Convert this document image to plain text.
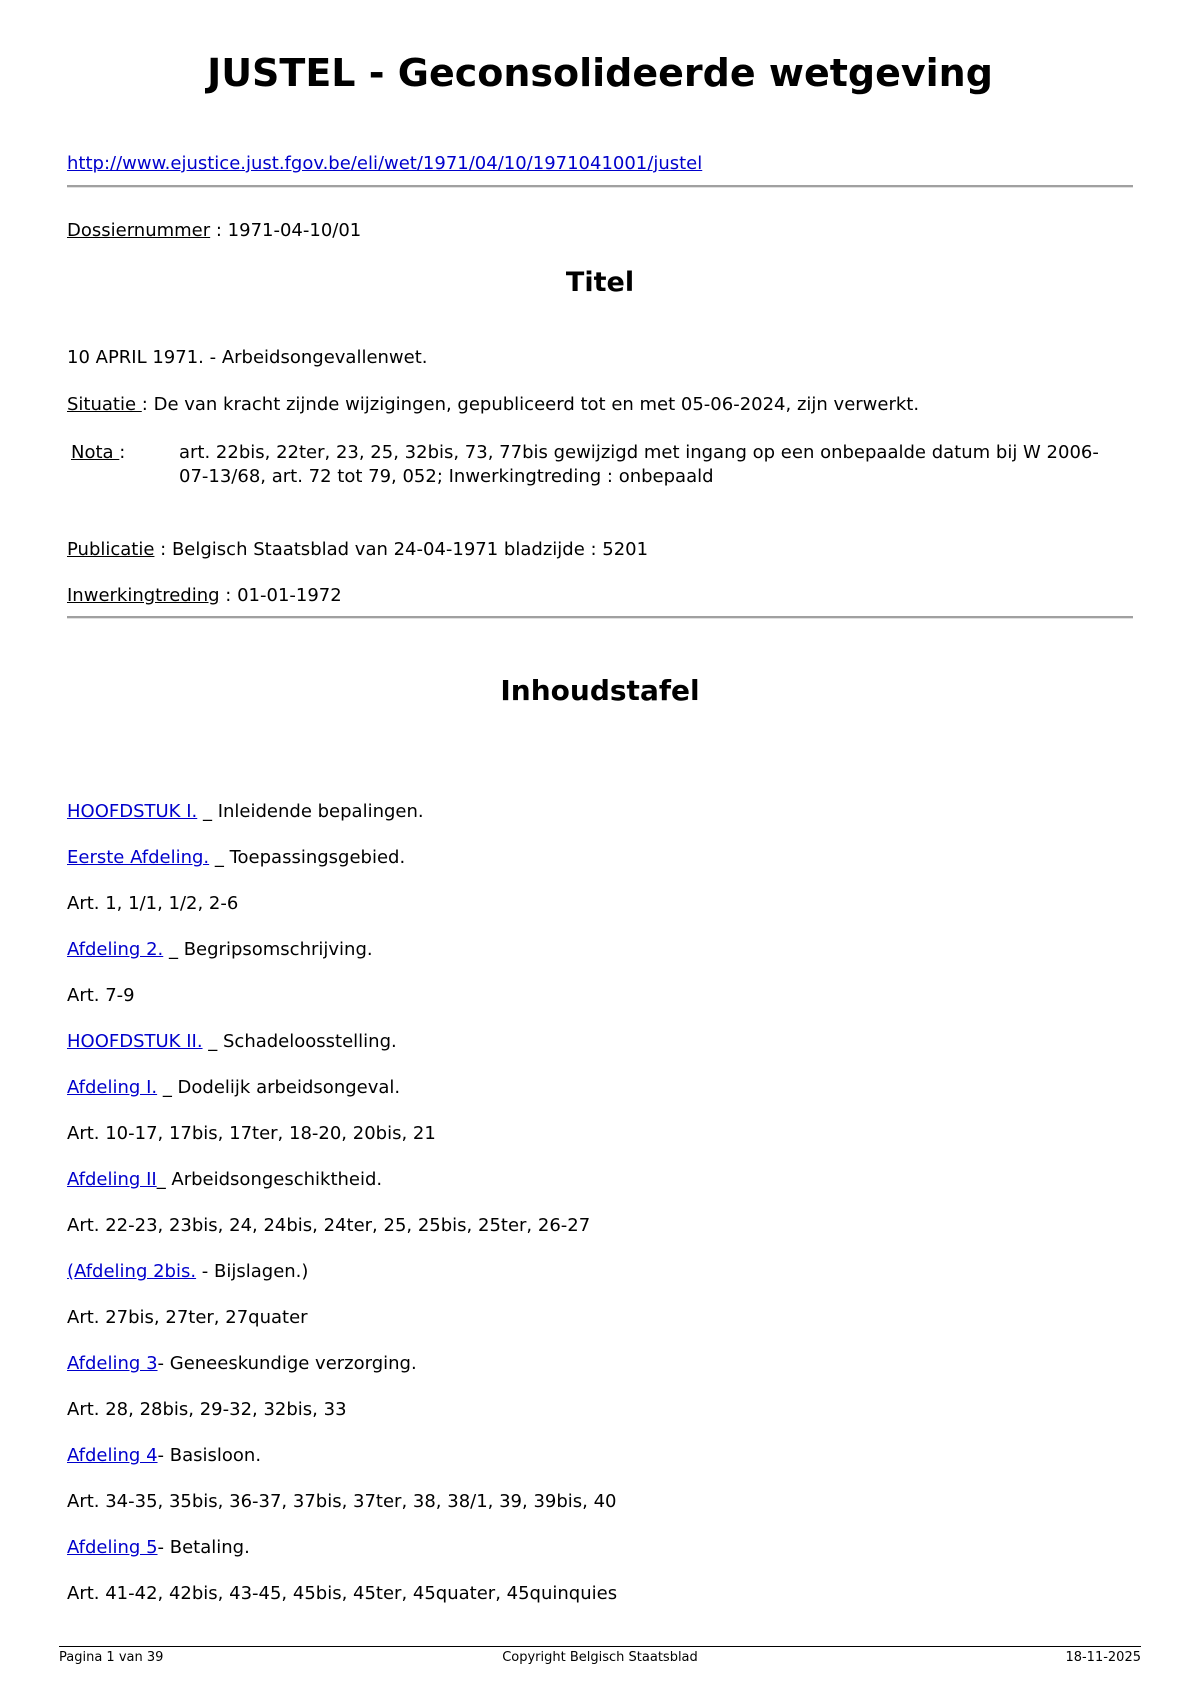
JUSTEL - Geconsolideerde wetgeving
http://www.ejustice.just.fgov.be/eli/wet/1971/04/10/1971041001/justel
Dossiernummer : 1971-04-10/01
Titel
10 APRIL 1971. - Arbeidsongevallenwet.
Situatie : De van kracht zijnde wijzigingen, gepubliceerd tot en met 05-06-2024, zijn verwerkt.
Nota :	art. 22bis, 22ter, 23, 25, 32bis, 73, 77bis gewijzigd met ingang op een onbepaalde datum bij W 2006-07-13/68, art. 72 tot 79, 052; Inwerkingtreding : onbepaald
Publicatie : Belgisch Staatsblad van 24-04-1971 bladzijde : 5201
Inwerkingtreding : 01-01-1972
Inhoudstafel
HOOFDSTUK I. _ Inleidende bepalingen.
Eerste Afdeling. _ Toepassingsgebied.
Art. 1, 1/1, 1/2, 2-6
Afdeling 2. _ Begripsomschrijving.
Art. 7-9
HOOFDSTUK II. _ Schadeloosstelling.
Afdeling I. _ Dodelijk arbeidsongeval.
Art. 10-17, 17bis, 17ter, 18-20, 20bis, 21
Afdeling II_ Arbeidsongeschiktheid.
Art. 22-23, 23bis, 24, 24bis, 24ter, 25, 25bis, 25ter, 26-27
(Afdeling 2bis. - Bijslagen.)
Art. 27bis, 27ter, 27quater
Afdeling 3- Geneeskundige verzorging.
Art. 28, 28bis, 29-32, 32bis, 33
Afdeling 4- Basisloon.
Art. 34-35, 35bis, 36-37, 37bis, 37ter, 38, 38/1, 39, 39bis, 40
Afdeling 5- Betaling.
Art. 41-42, 42bis, 43-45, 45bis, 45ter, 45quater, 45quinquies
Pagina 1 van 39	Copyright Belgisch Staatsblad	18-11-2025
